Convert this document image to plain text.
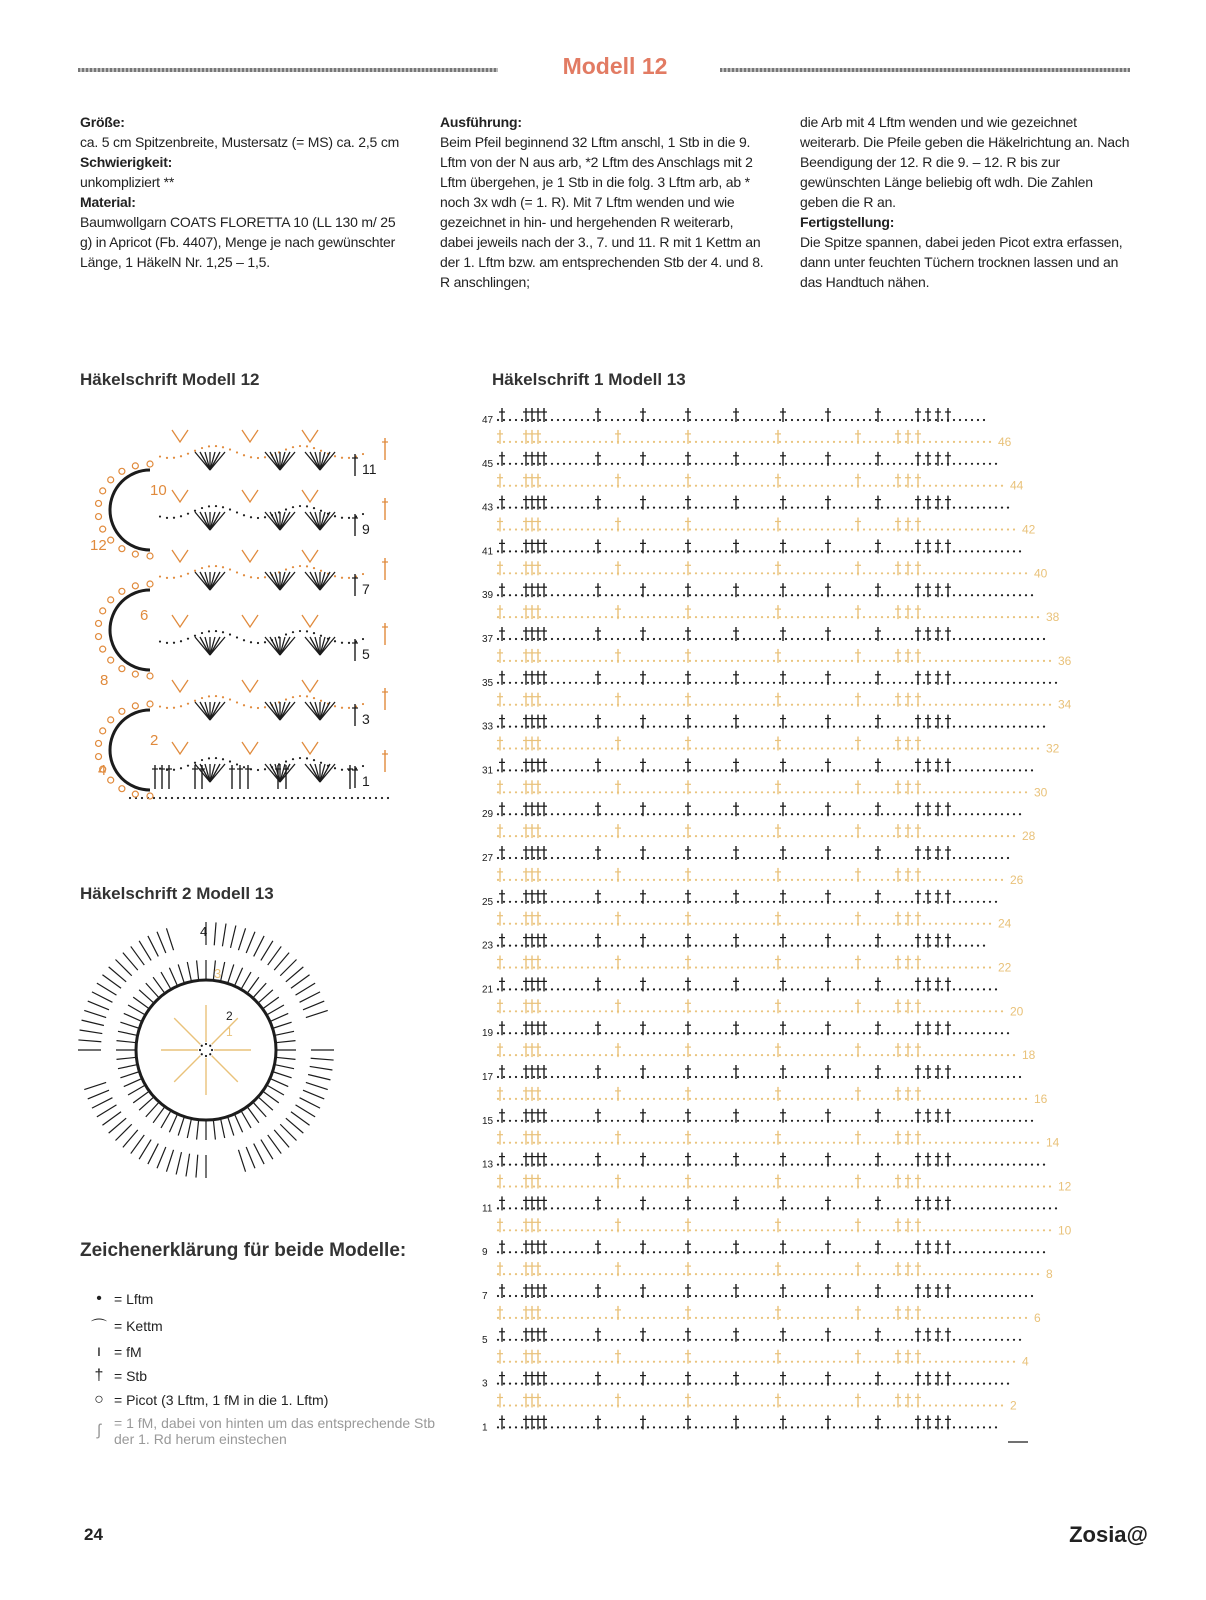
Modell 12

Größe:

ca. 5 cm Spitzenbreite, Mustersatz (= MS) ca. 2,5 cm

Schwierigkeit:

unkompliziert **

Material:

Baumwollgarn COATS FLORETTA 10 (LL 130 m/ 25 g) in Apricot (Fb. 4407), Menge je nach gewünschter Länge, 1 HäkelN Nr. 1,25 – 1,5.

Ausführung:

Beim Pfeil beginnend 32 Lftm anschl, 1 Stb in die 9. Lftm von der N aus arb, *2 Lftm des Anschlags mit 2 Lftm übergehen, je 1 Stb in die folg. 3 Lftm arb, ab * noch 3x wdh (= 1. R). Mit 7 Lftm wenden und wie gezeichnet in hin- und hergehenden R weiterarb, dabei jeweils nach der 3., 7. und 11. R mit 1 Kettm an der 1. Lftm bzw. am entsprechenden Stb der 4. und 8. R anschlingen;

die Arb mit 4 Lftm wenden und wie gezeichnet weiterarb. Die Pfeile geben die Häkelrichtung an. Nach Beendigung der 12. R die 9. – 12. R bis zur gewünschten Länge beliebig oft wdh. Die Zahlen geben die R an.

Fertigstellung:

Die Spitze spannen, dabei jeden Picot extra erfassen, dann unter feuchten Tüchern trocknen lassen und an das Handtuch nähen.

Häkelschrift Modell 12	Häkelschrift 1 Modell 13
Häkelschrift 2 Modell 13
11
9
7
5
3
1
10
12
6
8
2
4
47
46
45
44
43
42
41
40
39
38
37
36
35
34
33
32
31
30
29
28
27
26
25
24
23
22
21
20
19
18
17
16
15
14
13
12
11
10
9
8
7
6
5
4
3
2
1
4
3
2
1
Zeichenerklärung für beide Modelle:
• = Lftm
⌒ = Kettm
ı = fM
† = Stb
○ = Picot (3 Lftm, 1 fM in die 1. Lftm)
ʃ = 1 fM, dabei von hinten um das entsprechende Stb der 1. Rd herum einstechen
24	Zosia@
